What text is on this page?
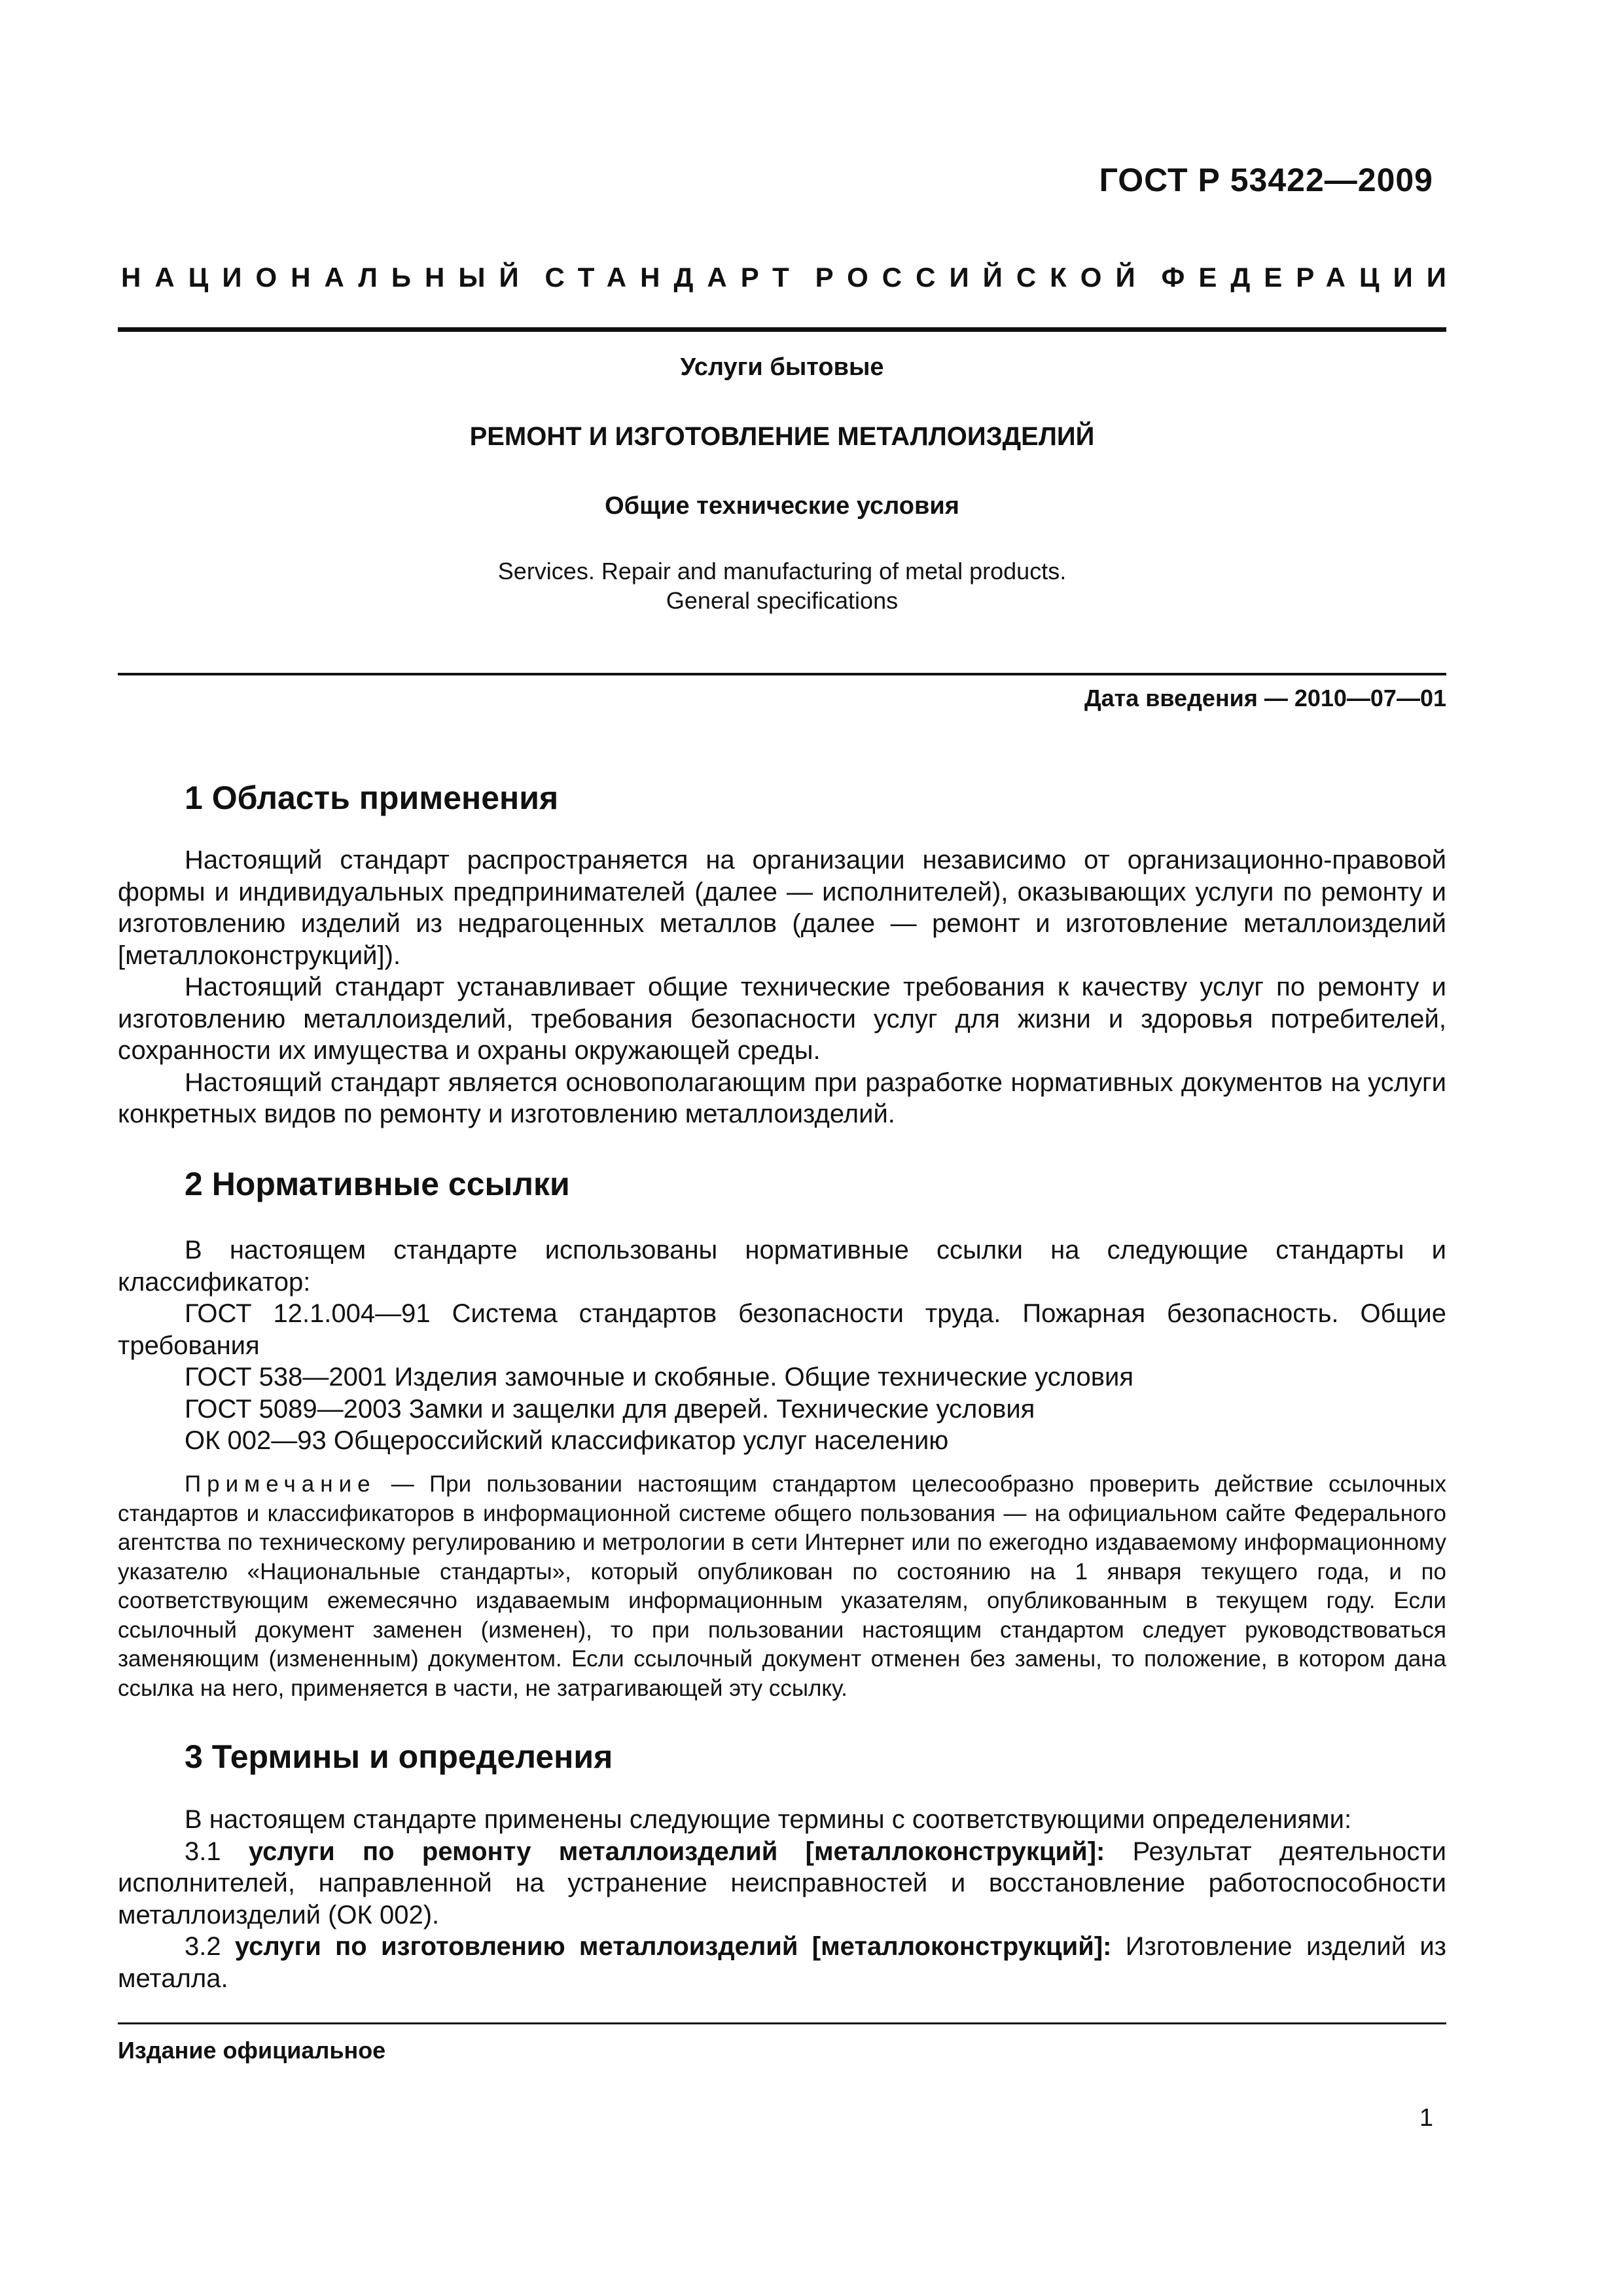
ГОСТ Р 53422—2009
НАЦИОНАЛЬНЫЙ СТАНДАРТ РОССИЙСКОЙ ФЕДЕРАЦИИ
Услуги бытовые
РЕМОНТ И ИЗГОТОВЛЕНИЕ МЕТАЛЛОИЗДЕЛИЙ
Общие технические условия
Services. Repair and manufacturing of metal products.
General specifications
Дата введения — 2010—07—01
1 Область применения

Настоящий стандарт распространяется на организации независимо от организационно-правовой формы и индивидуальных предпринимателей (далее — исполнителей), оказывающих услуги по ремонту и изготовлению изделий из недрагоценных металлов (далее — ремонт и изготовление металлоизделий [металлоконструкций]).

Настоящий стандарт устанавливает общие технические требования к качеству услуг по ремонту и изготовлению металлоизделий, требования безопасности услуг для жизни и здоровья потребителей, сохранности их имущества и охраны окружающей среды.

Настоящий стандарт является основополагающим при разработке нормативных документов на услуги конкретных видов по ремонту и изготовлению металлоизделий.

2 Нормативные ссылки

В настоящем стандарте использованы нормативные ссылки на следующие стандарты и классификатор:

ГОСТ 12.1.004—91 Система стандартов безопасности труда. Пожарная безопасность. Общие требования

ГОСТ 538—2001 Изделия замочные и скобяные. Общие технические условия

ГОСТ 5089—2003 Замки и защелки для дверей. Технические условия

ОК 002—93 Общероссийский классификатор услуг населению

Примечание — При пользовании настоящим стандартом целесообразно проверить действие ссылочных стандартов и классификаторов в информационной системе общего пользования — на официальном сайте Федерального агентства по техническому регулированию и метрологии в сети Интернет или по ежегодно издаваемому информационному указателю «Национальные стандарты», который опубликован по состоянию на 1 января текущего года, и по соответствующим ежемесячно издаваемым информационным указателям, опубликованным в текущем году. Если ссылочный документ заменен (изменен), то при пользовании настоящим стандартом следует руководствоваться заменяющим (измененным) документом. Если ссылочный документ отменен без замены, то положение, в котором дана ссылка на него, применяется в части, не затрагивающей эту ссылку.
3 Термины и определения

В настоящем стандарте применены следующие термины с соответствующими определениями:

3.1 услуги по ремонту металлоизделий [металлоконструкций]: Результат деятельности исполнителей, направленной на устранение неисправностей и восстановление работоспособности металлоизделий (ОК 002).

3.2 услуги по изготовлению металлоизделий [металлоконструкций]: Изготовление изделий из металла.

Издание официальное
1
